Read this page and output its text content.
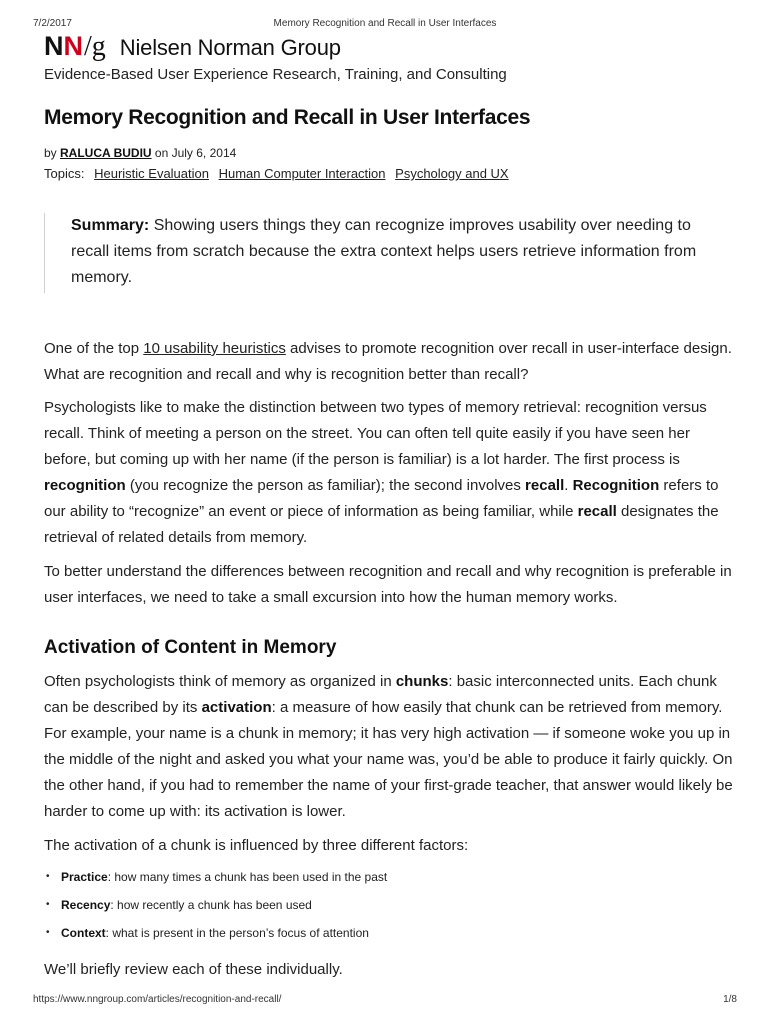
7/2/2017	Memory Recognition and Recall in User Interfaces
N N / g Nielsen Norman Group
Evidence-Based User Experience Research, Training, and Consulting
Memory Recognition and Recall in User Interfaces
by RALUCA BUDIU on July 6, 2014
Topics: Heuristic Evaluation Human Computer Interaction Psychology and UX
Summary: Showing users things they can recognize improves usability over needing to recall items from scratch because the extra context helps users retrieve information from memory.

One of the top 10 usability heuristics advises to promote recognition over recall in user-interface design. What are recognition and recall and why is recognition better than recall?

Psychologists like to make the distinction between two types of memory retrieval: recognition versus recall. Think of meeting a person on the street. You can often tell quite easily if you have seen her before, but coming up with her name (if the person is familiar) is a lot harder. The first process is recognition (you recognize the person as familiar); the second involves recall. Recognition refers to our ability to “recognize” an event or piece of information as being familiar, while recall designates the retrieval of related details from memory.

To better understand the differences between recognition and recall and why recognition is preferable in user interfaces, we need to take a small excursion into how the human memory works.

Activation of Content in Memory

Often psychologists think of memory as organized in chunks: basic interconnected units. Each chunk can be described by its activation: a measure of how easily that chunk can be retrieved from memory. For example, your name is a chunk in memory; it has very high activation — if someone woke you up in the middle of the night and asked you what your name was, you’d be able to produce it fairly quickly. On the other hand, if you had to remember the name of your first-grade teacher, that answer would likely be harder to come up with: its activation is lower.

The activation of a chunk is influenced by three different factors:

• Practice: how many times a chunk has been used in the past
• Recency: how recently a chunk has been used
• Context: what is present in the person’s focus of attention

We’ll briefly review each of these individually.

https://www.nngroup.com/articles/recognition-and-recall/	1/8
